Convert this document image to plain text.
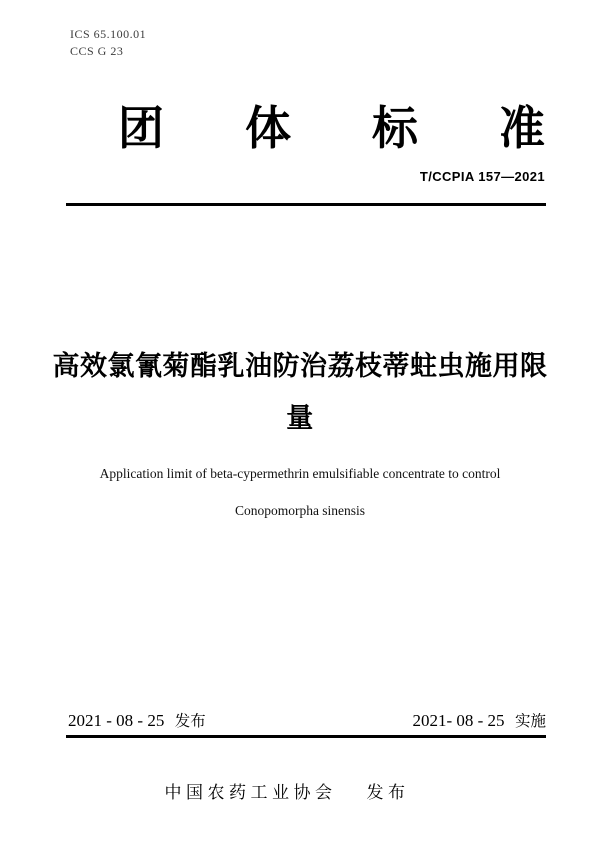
ICS 65.100.01
CCS G 23
团 体 标 准
T/CCPIA 157—2021
高效氯氰菊酯乳油防治荔枝蒂蛀虫施用限
量
Application limit of beta-cypermethrin emulsifiable concentrate to control
Conopomorpha sinensis
2021 - 08 - 25 发布	2021- 08 - 25 实施
中国农药工业协会 发布
